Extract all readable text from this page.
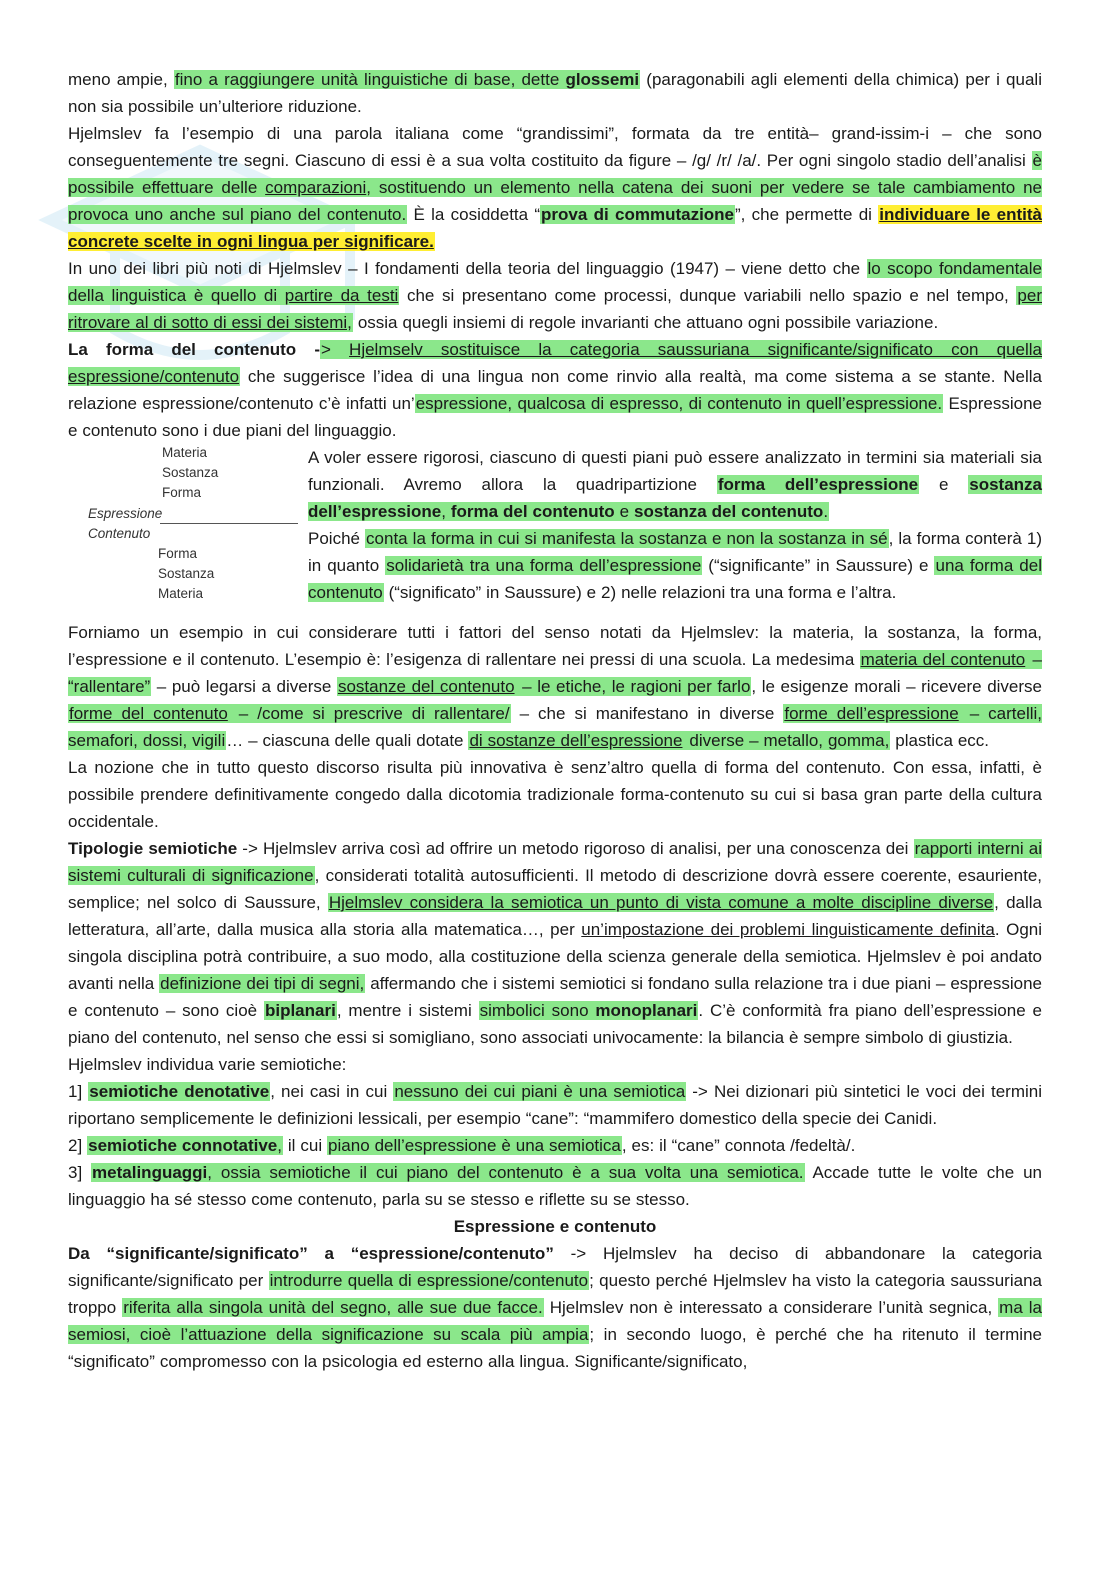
meno ampie, fino a raggiungere unità linguistiche di base, dette glossemi (paragonabili agli elementi della chimica) per i quali non sia possibile un’ulteriore riduzione.

Hjelmslev fa l’esempio di una parola italiana come “grandissimi”, formata da tre entità– grand-issim-i – che sono conseguentemente tre segni. Ciascuno di essi è a sua volta costituito da figure – /g/ /r/ /a/. Per ogni singolo stadio dell’analisi è possibile effettuare delle comparazioni, sostituendo un elemento nella catena dei suoni per vedere se tale cambiamento ne provoca uno anche sul piano del contenuto. È la cosiddetta “prova di commutazione”, che permette di individuare le entità concrete scelte in ogni lingua per significare.

In uno dei libri più noti di Hjelmslev – I fondamenti della teoria del linguaggio (1947) – viene detto che lo scopo fondamentale della linguistica è quello di partire da testi che si presentano come processi, dunque variabili nello spazio e nel tempo, per ritrovare al di sotto di essi dei sistemi, ossia quegli insiemi di regole invarianti che attuano ogni possibile variazione.

La forma del contenuto -> Hjelmselv sostituisce la categoria saussuriana significante/significato con quella espressione/contenuto che suggerisce l’idea di una lingua non come rinvio alla realtà, ma come sistema a se stante. Nella relazione espressione/contenuto c’è infatti un’espressione, qualcosa di espresso, di contenuto in quell’espressione. Espressione e contenuto sono i due piani del linguaggio.

Materia
Sostanza
Forma
Espressione
Contenuto
Forma
Sostanza
Materia

A voler essere rigorosi, ciascuno di questi piani può essere analizzato in termini sia materiali sia funzionali. Avremo allora la quadripartizione forma dell’espressione e sostanza dell’espressione, forma del contenuto e sostanza del contenuto.

Poiché conta la forma in cui si manifesta la sostanza e non la sostanza in sé, la forma conterà 1) in quanto solidarietà tra una forma dell’espressione (“significante” in Saussure) e una forma del contenuto (“significato” in Saussure) e 2) nelle relazioni tra una forma e l’altra.

Forniamo un esempio in cui considerare tutti i fattori del senso notati da Hjelmslev: la materia, la sostanza, la forma, l’espressione e il contenuto. L’esempio è: l’esigenza di rallentare nei pressi di una scuola. La medesima materia del contenuto – “rallentare” – può legarsi a diverse sostanze del contenuto – le etiche, le ragioni per farlo, le esigenze morali – ricevere diverse forme del contenuto – /come si prescrive di rallentare/ – che si manifestano in diverse forme dell’espressione – cartelli, semafori, dossi, vigili… – ciascuna delle quali dotate di sostanze dell’espressione diverse – metallo, gomma, plastica ecc.

La nozione che in tutto questo discorso risulta più innovativa è senz’altro quella di forma del contenuto. Con essa, infatti, è possibile prendere definitivamente congedo dalla dicotomia tradizionale forma-contenuto su cui si basa gran parte della cultura occidentale.

Tipologie semiotiche -> Hjelmslev arriva così ad offrire un metodo rigoroso di analisi, per una conoscenza dei rapporti interni ai sistemi culturali di significazione, considerati totalità autosufficienti. Il metodo di descrizione dovrà essere coerente, esauriente, semplice; nel solco di Saussure, Hjelmslev considera la semiotica un punto di vista comune a molte discipline diverse, dalla letteratura, all’arte, dalla musica alla storia alla matematica…, per un’impostazione dei problemi linguisticamente definita. Ogni singola disciplina potrà contribuire, a suo modo, alla costituzione della scienza generale della semiotica. Hjelmslev è poi andato avanti nella definizione dei tipi di segni, affermando che i sistemi semiotici si fondano sulla relazione tra i due piani – espressione e contenuto – sono cioè biplanari, mentre i sistemi simbolici sono monoplanari. C’è conformità fra piano dell’espressione e piano del contenuto, nel senso che essi si somigliano, sono associati univocamente: la bilancia è sempre simbolo di giustizia.

Hjelmslev individua varie semiotiche:

1] semiotiche denotative, nei casi in cui nessuno dei cui piani è una semiotica -> Nei dizionari più sintetici le voci dei termini riportano semplicemente le definizioni lessicali, per esempio “cane”: “mammifero domestico della specie dei Canidi.

2] semiotiche connotative, il cui piano dell’espressione è una semiotica, es: il “cane” connota /fedeltà/.

3] metalinguaggi, ossia semiotiche il cui piano del contenuto è a sua volta una semiotica. Accade tutte le volte che un linguaggio ha sé stesso come contenuto, parla su se stesso e riflette su se stesso.

Espressione e contenuto

Da “significante/significato” a “espressione/contenuto” -> Hjelmslev ha deciso di abbandonare la categoria significante/significato per introdurre quella di espressione/contenuto; questo perché Hjelmslev ha visto la categoria saussuriana troppo riferita alla singola unità del segno, alle sue due facce. Hjelmslev non è interessato a considerare l’unità segnica, ma la semiosi, cioè l’attuazione della significazione su scala più ampia; in secondo luogo, è perché che ha ritenuto il termine “significato” compromesso con la psicologia ed esterno alla lingua. Significante/significato,
